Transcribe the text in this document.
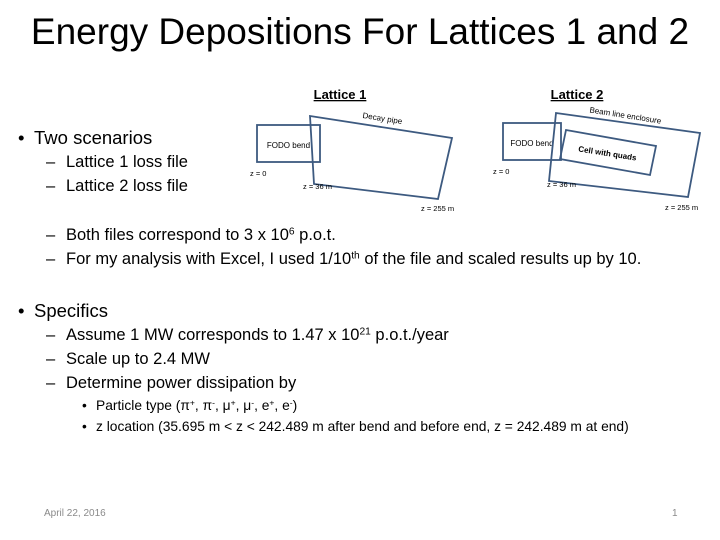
Energy Depositions For Lattices 1 and 2
Lattice 1
FODO bend
Decay pipe
z = 0
z = 36 m
z = 255 m
Lattice 2
FODO bend
Beam line enclosure
Cell with quads
z = 0
z = 36 m
z = 255 m
• Two scenarios
– Lattice 1 loss file
– Lattice 2 loss file
– Both files correspond to 3 x $10^6$ p.o.t.
– For my analysis with Excel, I used 1/10th of the file and scaled results up by 10.
• Specifics
– Assume 1 MW corresponds to 1.47 x $10^{21}$ p.o.t./year
– Scale up to 2.4 MW
– Determine power dissipation by
• Particle type (π+, π-, μ+, μ-, e+, e-)
• z location (35.695 m < z < 242.489 m after bend and before end, z = 242.489 m at end)
April 22, 2016	1
